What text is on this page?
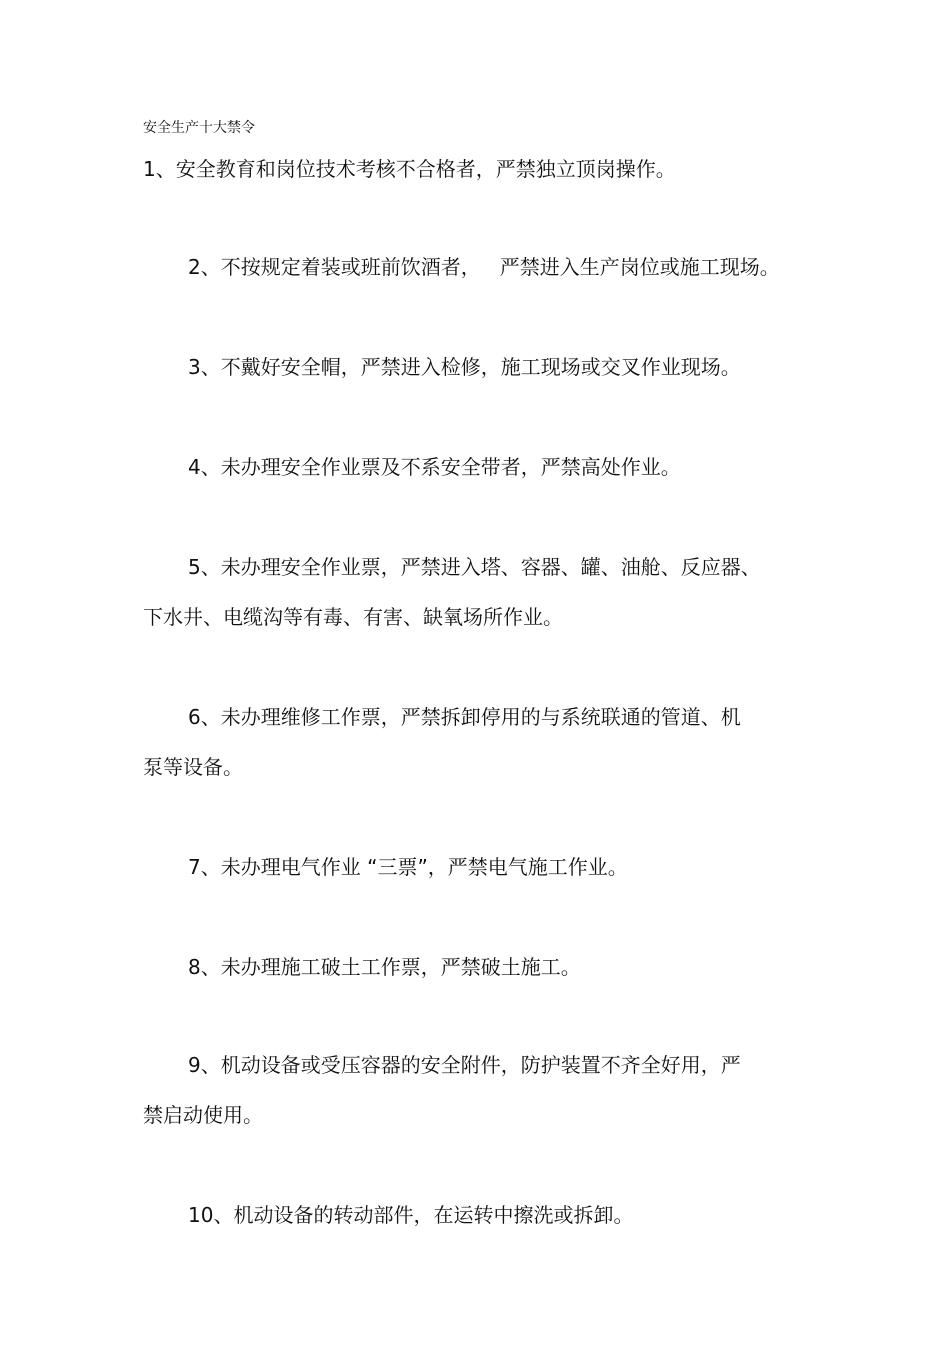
安全生产十大禁令
1、安全教育和岗位技术考核不合格者，严禁独立顶岗操作。
2、不按规定着装或班前饮酒者，   严禁进入生产岗位或施工现场。
3、不戴好安全帽，严禁进入检修，施工现场或交叉作业现场。
4、未办理安全作业票及不系安全带者，严禁高处作业。
5、未办理安全作业票，严禁进入塔、容器、罐、油舱、反应器、
下水井、电缆沟等有毒、有害、缺氧场所作业。
6、未办理维修工作票，严禁拆卸停用的与系统联通的管道、机
泵等设备。
7、未办理电气作业 “三票”，严禁电气施工作业。
8、未办理施工破土工作票，严禁破土施工。
9、机动设备或受压容器的安全附件，防护装置不齐全好用，严
禁启动使用。
10、机动设备的转动部件，在运转中擦洗或拆卸。
